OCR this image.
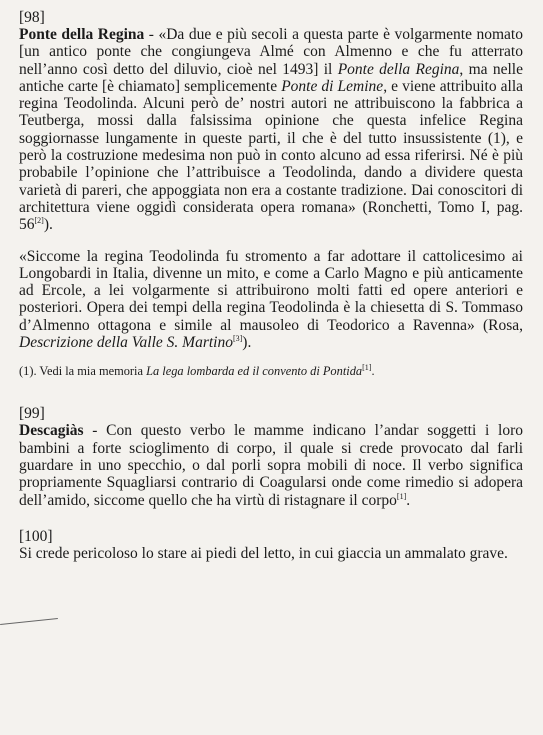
[98]

Ponte della Regina - «Da due e più secoli a questa parte è volgarmente nomato [un antico ponte che congiungeva Almé con Almenno e che fu atterrato nell’anno così detto del diluvio, cioè nel 1493] il Ponte della Regina, ma nelle antiche carte [è chiamato] semplicemente Ponte di Lemine, e viene attribuito alla regina Teodolinda. Alcuni però de’ nostri autori ne attribuiscono la fabbrica a Teutberga, mossi dalla falsissima opinione che questa infelice Regina soggiornasse lungamente in queste parti, il che è del tutto insussistente (1), e però la costruzione medesima non può in conto alcuno ad essa riferirsi. Né è più probabile l’opinione che l’attribuisce a Teodolinda, dando a dividere questa varietà di pareri, che appoggiata non era a costante tradizione. Dai conoscitori di architettura viene oggidì considerata opera romana» (Ronchetti, Tomo I, pag. 56[2]).

«Siccome la regina Teodolinda fu stromento a far adottare il cattolicesimo ai Longobardi in Italia, divenne un mito, e come a Carlo Magno e più anticamente ad Ercole, a lei volgarmente si attribuirono molti fatti ed opere anteriori e posteriori. Opera dei tempi della regina Teodolinda è la chiesetta di S. Tommaso d’Almenno ottagona e simile al mausoleo di Teodorico a Ravenna» (Rosa, Descrizione della Valle S. Martino[3]).

(1). Vedi la mia memoria La lega lombarda ed il convento di Pontida[1].

[99]

Descagiàs - Con questo verbo le mamme indicano l’andar soggetti i loro bambini a forte scioglimento di corpo, il quale si crede provocato dal farli guardare in uno specchio, o dal porli sopra mobili di noce. Il verbo significa propriamente Squagliarsi contrario di Coagularsi onde come rimedio si adopera dell’amido, siccome quello che ha virtù di ristagnare il corpo[1].

[100]

Si crede pericoloso lo stare ai piedi del letto, in cui giaccia un ammalato grave.
